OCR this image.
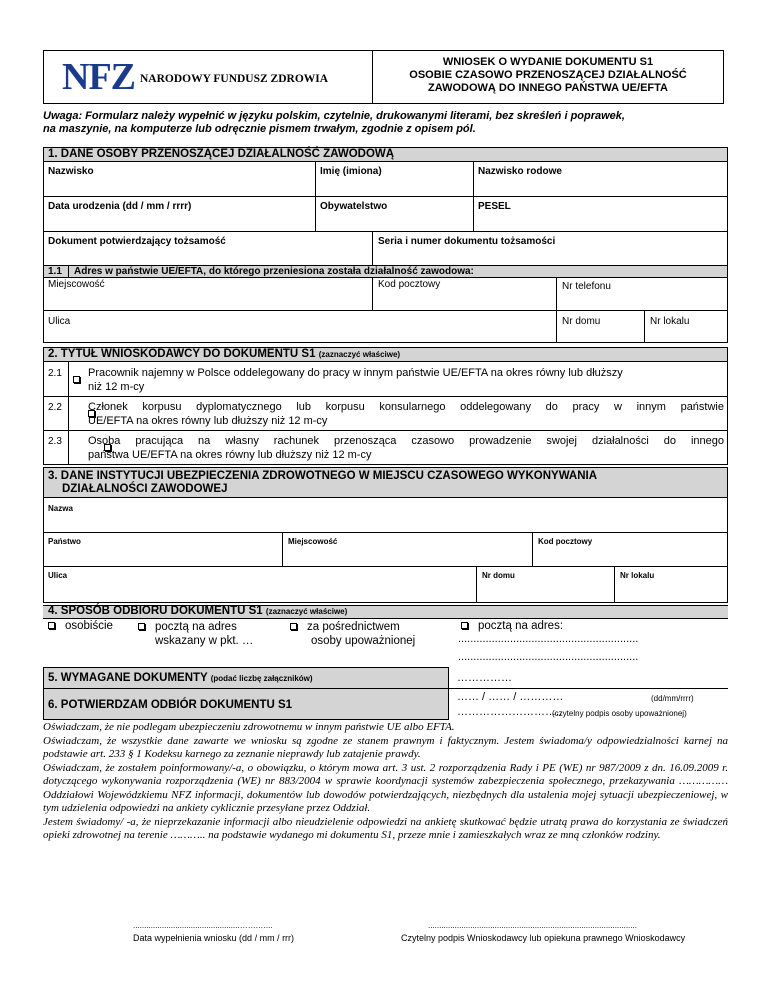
NFZ NARODOWY FUNDUSZ ZDROWIA
WNIOSEK O WYDANIE DOKUMENTU S1
OSOBIE CZASOWO PRZENOSZĄCEJ DZIAŁALNOŚĆ
ZAWODOWĄ DO INNEGO PAŃSTWA UE/EFTA
Uwaga: Formularz należy wypełnić w języku polskim, czytelnie, drukowanymi literami, bez skreśleń i poprawek,
na maszynie, na komputerze lub odręcznie pismem trwałym, zgodnie z opisem pól.
1. DANE OSOBY PRZENOSZĄCEJ DZIAŁALNOŚĆ ZAWODOWĄ
Nazwisko	Imię (imiona)	Nazwisko rodowe
Data urodzenia (dd / mm / rrrr)	Obywatelstwo	PESEL
Dokument potwierdzający tożsamość	Seria i numer dokumentu tożsamości
1.1 Adres w państwie UE/EFTA, do którego przeniesiona została działalność zawodowa:
Miejscowość	Kod pocztowy	Nr telefonu
Ulica	Nr domu	Nr lokalu
2. TYTUŁ WNIOSKODAWCY DO DOKUMENTU S1 (zaznaczyć właściwe)
2.1
Pracownik najemny w Polsce oddelegowany do pracy w innym państwie UE/EFTA na okres równy lub dłuższy
niż 12 m-cy
2.2
Członek korpusu dyplomatycznego lub korpusu konsularnego oddelegowany do pracy w innym państwie
UE/EFTA na okres równy lub dłuższy niż 12 m-cy
2.3 Osoba pracująca na własny rachunek przenosząca czasowo prowadzenie swojej działalności do innego
państwa UE/EFTA na okres równy lub dłuższy niż 12 m-cy
3. DANE INSTYTUCJI UBEZPIECZENIA ZDROWOTNEGO W MIEJSCU CZASOWEGO WYKONYWANIA
DZIAŁALNOŚCI ZAWODOWEJ
Nazwa
Państwo	Miejscowość	Kod pocztowy
Ulica	Nr domu	Nr lokalu
4. SPOSÓB ODBIORU DOKUMENTU S1 (zaznaczyć właściwe)
osobiście	pocztą na adres
wskazany w pkt. …
za pośrednictwem
osoby upoważnionej
pocztą na adres:
...........................................................
...........................................................
5. WYMAGANE DOKUMENTY (podać liczbę załączników)	……………
6. POTWIERDZAM ODBIÓR DOKUMENTU S1
…… / …… / …………	(dd/mm/rrrr)
………………………..
(czytelny podpis osoby upoważnionej)
Oświadczam, że nie podlegam ubezpieczeniu zdrowotnemu w innym państwie UE albo EFTA.
Oświadczam, że wszystkie dane zawarte we wniosku są zgodne ze stanem prawnym i faktycznym. Jestem świadoma/y odpowiedzialności karnej na podstawie art. 233 § 1 Kodeksu karnego za zeznanie nieprawdy lub zatajenie prawdy.
Oświadczam, że zostałem poinformowany/-a, o obowiązku, o którym mowa art. 3 ust. 2 rozporządzenia Rady i PE (WE) nr 987/2009 z dn. 16.09.2009 r. dotyczącego wykonywania rozporządzenia (WE) nr 883/2004 w sprawie koordynacji systemów zabezpieczenia społecznego, przekazywania …………… Oddziałowi Wojewódzkiemu NFZ informacji, dokumentów lub dowodów potwierdzających, niezbędnych dla ustalenia mojej sytuacji ubezpieczeniowej, w tym udzielenia odpowiedzi na ankiety cyklicznie przesyłane przez Oddział.
Jestem świadomy/ -a, że nieprzekazanie informacji albo nieudzielenie odpowiedzi na ankietę skutkować będzie utratą prawa do korzystania ze świadczeń opieki zdrowotnej na terenie ……….. na podstawie wydanego mi dokumentu S1, przeze mnie i zamieszkałych wraz ze mną członków rodziny.
................................................…….…...
Data wypełnienia wniosku (dd / mm / rrr)
..............................................................................................
Czytelny podpis Wnioskodawcy lub opiekuna prawnego Wnioskodawcy
